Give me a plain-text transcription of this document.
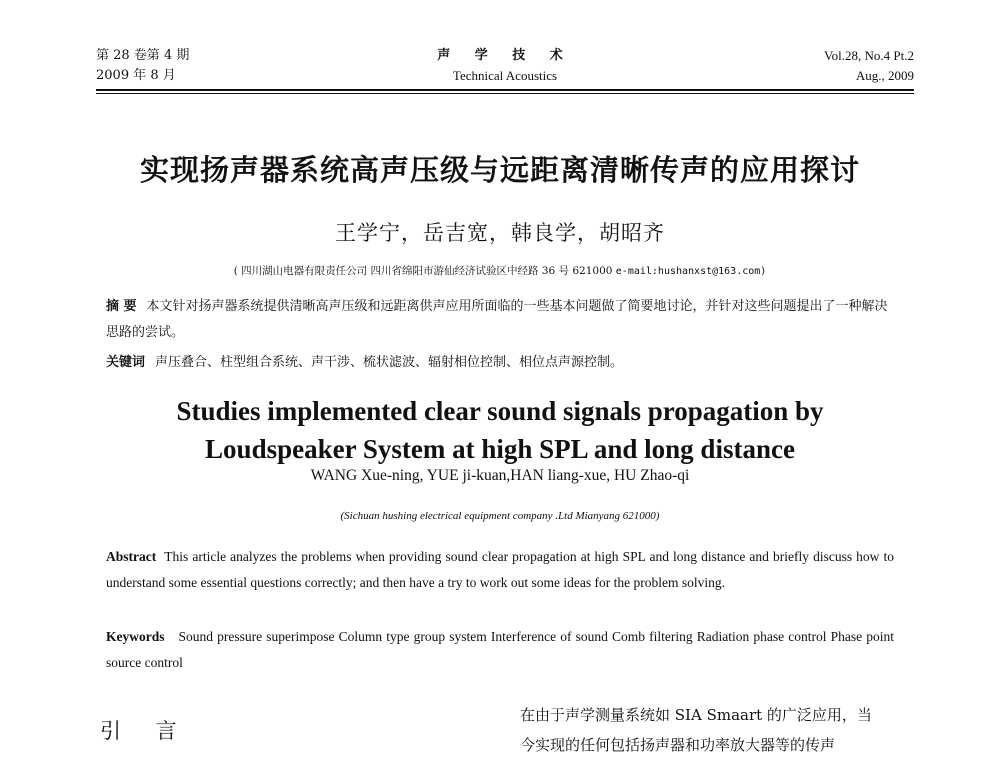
第 28 卷第 4 期
2009 年 8 月
声 学 技 术
Technical Acoustics
Vol.28, No.4 Pt.2
Aug., 2009
实现扬声器系统高声压级与远距离清晰传声的应用探讨
王学宁，岳吉宽，韩良学，胡昭齐
( 四川湖山电器有限责任公司 四川省绵阳市游仙经济试验区中经路 36 号 621000 e-mail:hushanxst@163.com)
摘 要 本文针对扬声器系统提供清晰高声压级和远距离供声应用所面临的一些基本问题做了简要地讨论，并针对这些问题提出了一种解决思路的尝试。
关键词 声压叠合、柱型组合系统、声干涉、梳状滤波、辐射相位控制、相位点声源控制。
Studies implemented clear sound signals propagation by
Loudspeaker System at high SPL and long distance
WANG Xue-ning, YUE ji-kuan,HAN liang-xue, HU Zhao-qi
(Sichuan hushing electrical equipment company .Ltd Mianyang 621000)
Abstract This article analyzes the problems when providing sound clear propagation at high SPL and long distance and briefly discuss how to understand some essential questions correctly; and then have a try to work out some ideas for the problem solving.
Keywords Sound pressure superimpose Column type group system Interference of sound Comb filtering Radiation phase control Phase point source control
引 言

在由于声学测量系统如 SIA Smaart 的广泛应用，当

今实现的任何包括扬声器和功率放大器等的传声
